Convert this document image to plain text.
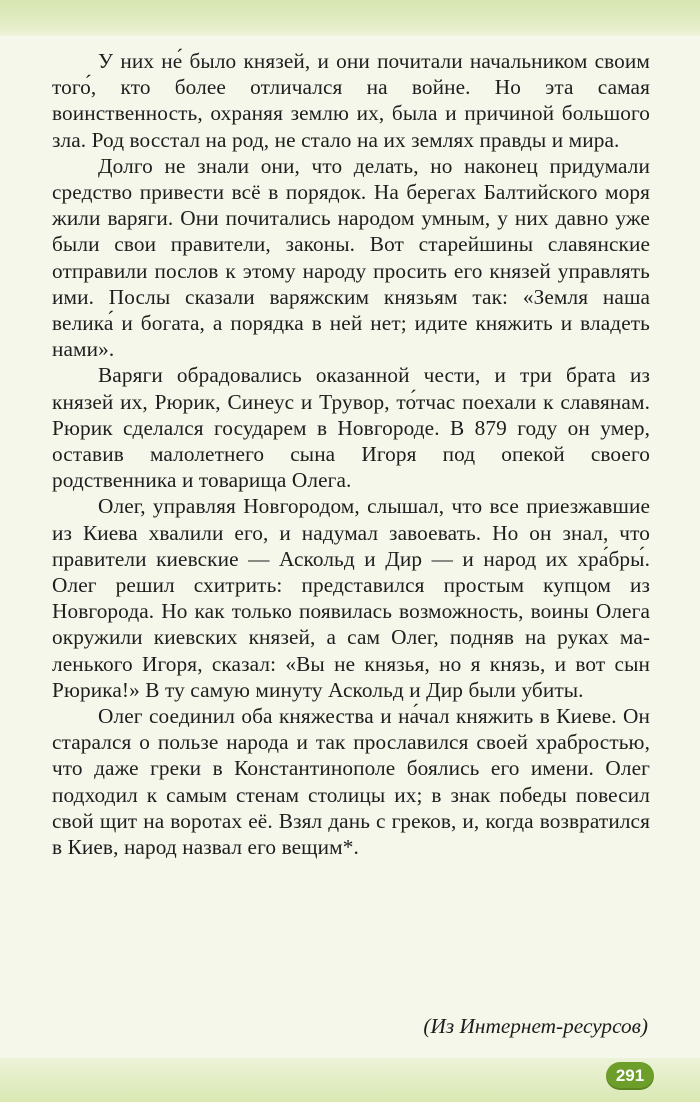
У них не́ было князей, и они почитали начальником своим того́, кто более отличался на войне. Но эта самая воинственность, охраняя землю их, была и причиной большого зла. Род восстал на род, не стало на их землях правды и мира.

Долго не знали они, что делать, но наконец придумали средство привести всё в порядок. На берегах Балтийского моря жили варяги. Они почитались народом умным, у них давно уже были свои правители, законы. Вот старейшины славянские отправили послов к этому народу просить его князей управлять ими. Послы сказали варяжским князьям так: «Земля наша велика́ и богата, а порядка в ней нет; идите княжить и владеть нами».

Варяги обрадовались оказанной чести, и три брата из князей их, Рюрик, Синеус и Трувор, то́тчас поехали к славянам. Рюрик сделался государем в Новгороде. В 879 году он умер, оставив малолетнего сына Игоря под опекой своего родственника и товарища Олега.

Олег, управляя Новгородом, слышал, что все приезжавшие из Киева хвалили его, и надумал завоевать. Но он знал, что правители киевские — Аскольд и Дир — и народ их хра́бры́. Олег решил схитрить: представился простым купцом из Новгорода. Но как только появилась возможность, воины Олега окружили киевских князей, а сам Олег, подняв на руках маленького Игоря, сказал: «Вы не князья, но я князь, и вот сын Рюрика!» В ту самую минуту Аскольд и Дир были убиты.

Олег соединил оба княжества и на́чал княжить в Киеве. Он старался о пользе народа и так прославился своей храбростью, что даже греки в Константинополе боялись его имени. Олег подходил к самым стенам столицы их; в знак победы повесил свой щит на воротах её. Взял дань с греков, и, когда возвратился в Киев, народ назвал его вещим*.

(Из Интернет-ресурсов)
291
